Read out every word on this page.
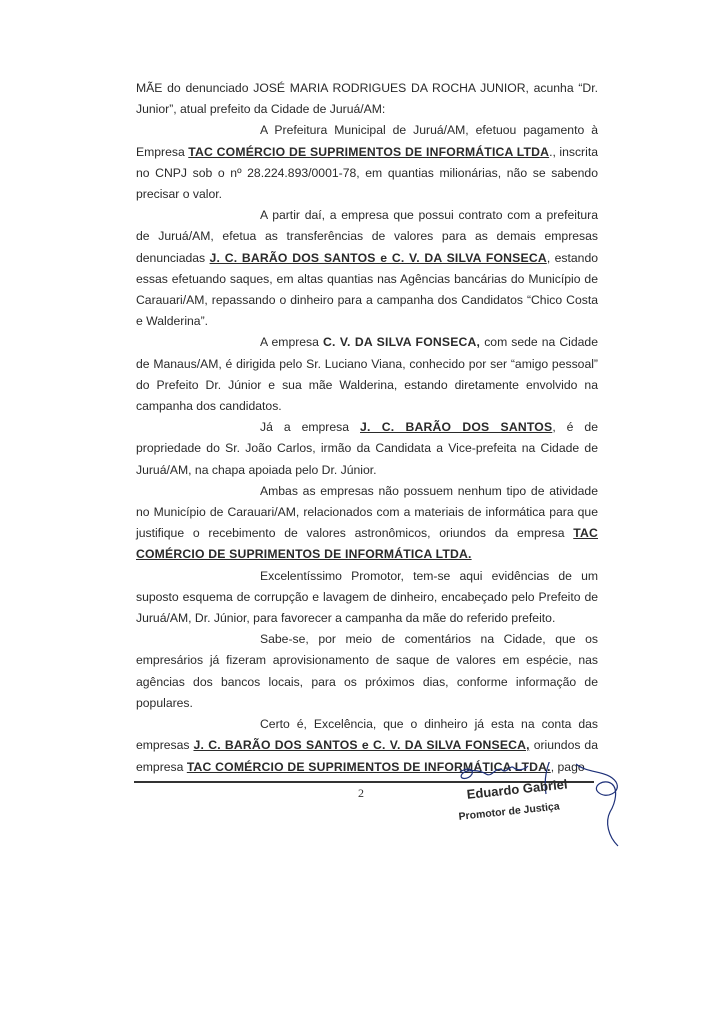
MÃE do denunciado JOSÉ MARIA RODRIGUES DA ROCHA JUNIOR, acunha “Dr. Junior”, atual prefeito da Cidade de Juruá/AM:

A Prefeitura Municipal de Juruá/AM, efetuou pagamento à Empresa TAC COMÉRCIO DE SUPRIMENTOS DE INFORMÁTICA LTDA., inscrita no CNPJ sob o nº 28.224.893/0001-78, em quantias milionárias, não se sabendo precisar o valor.

A partir daí, a empresa que possui contrato com a prefeitura de Juruá/AM, efetua as transferências de valores para as demais empresas denunciadas J. C. BARÃO DOS SANTOS e C. V. DA SILVA FONSECA, estando essas efetuando saques, em altas quantias nas Agências bancárias do Município de Carauari/AM, repassando o dinheiro para a campanha dos Candidatos “Chico Costa e Walderina”.

A empresa C. V. DA SILVA FONSECA, com sede na Cidade de Manaus/AM, é dirigida pelo Sr. Luciano Viana, conhecido por ser “amigo pessoal” do Prefeito Dr. Júnior e sua mãe Walderina, estando diretamente envolvido na campanha dos candidatos.

Já a empresa J. C. BARÃO DOS SANTOS, é de propriedade do Sr. João Carlos, irmão da Candidata a Vice-prefeita na Cidade de Juruá/AM, na chapa apoiada pelo Dr. Júnior.

Ambas as empresas não possuem nenhum tipo de atividade no Município de Carauari/AM, relacionados com a materiais de informática para que justifique o recebimento de valores astronômicos, oriundos da empresa TAC COMÉRCIO DE SUPRIMENTOS DE INFORMÁTICA LTDA.

Excelentíssimo Promotor, tem-se aqui evidências de um suposto esquema de corrupção e lavagem de dinheiro, encabeçado pelo Prefeito de Juruá/AM, Dr. Júnior, para favorecer a campanha da mãe do referido prefeito.

Sabe-se, por meio de comentários na Cidade, que os empresários já fizeram aprovisionamento de saque de valores em espécie, nas agências dos bancos locais, para os próximos dias, conforme informação de populares.

Certo é, Excelência, que o dinheiro já esta na conta das empresas J. C. BARÃO DOS SANTOS e C. V. DA SILVA FONSECA, oriundos da empresa TAC COMÉRCIO DE SUPRIMENTOS DE INFORMÁTICA LTDA., pago

2	Eduardo Gabriel
Promotor de Justiça
